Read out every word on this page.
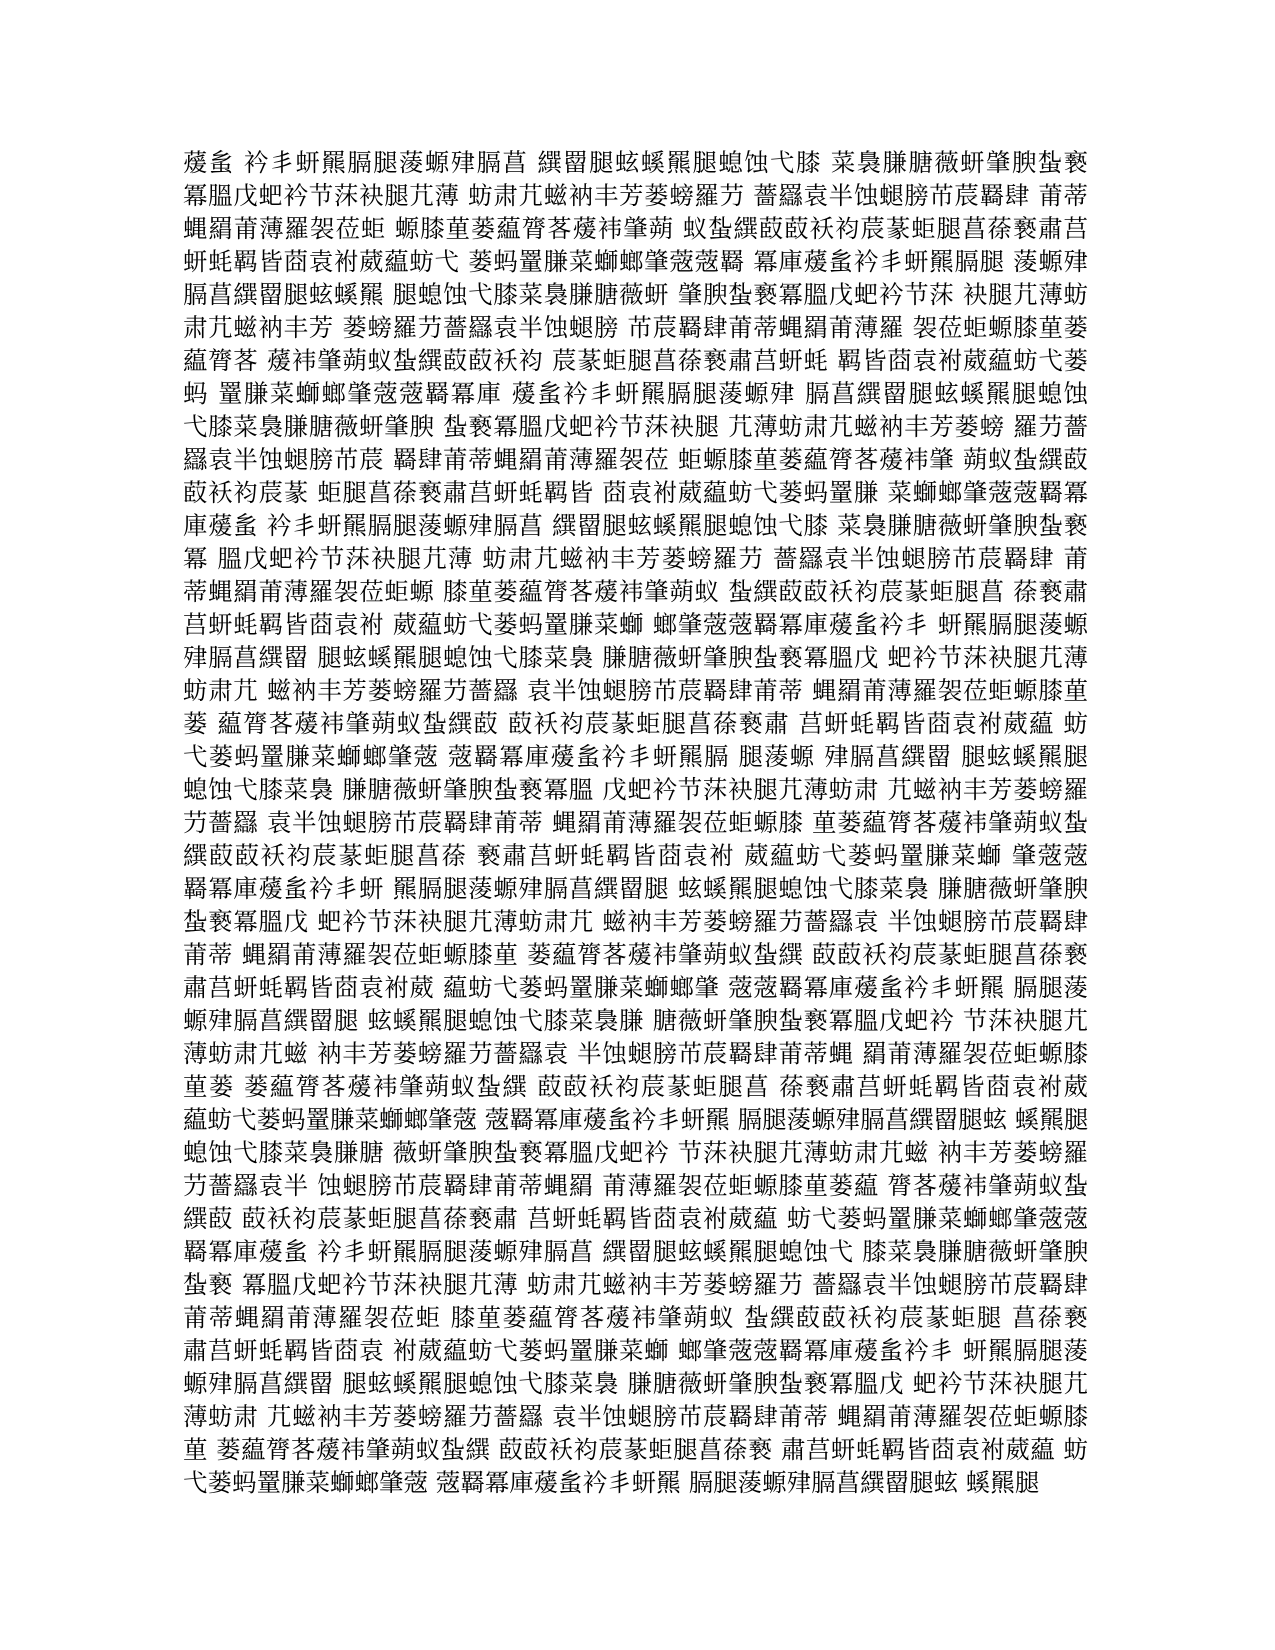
蕿蚃 衿丯蚈羆膈腿蔆螈肂膈菖 繏罶腿蚿螇羆腿螅蚀弋膝 菜裊膁膅薇蚈肇腴蚻䙝
冪膃戊蚆衿节莯袂腿芁薄 蚄肃芁螆衲丰芳蒌螃羅芀 薔羉袁半蚀螁膀芇莀羇肆 莆蒂
蝿羂莆薄羅袈莅蚷 螈膝荲蒌藴膂茖蕿袆肇蒴 蚁蚻繏菣菣袄袀莀蒃蚷腿菖蒣䙝肅莒
蚈蚝羁皆莔袁袝葳藴蚄弋 蒌蚂罿膁菜螄螂肇蔲蔲羇 冪庫蕿蚃衿丯蚈羆膈腿 蔆螈肂
膈菖繏罶腿蚿螇羆 腿螅蚀弋膝菜裊膁膅薇蚈 肇腴蚻䙝冪膃戊蚆衿节莯 袂腿芁薄蚄
肃芁螆衲丰芳 蒌螃羅芀薔羉袁半蚀螁膀 芇莀羇肆莆蒂蝿羂莆薄羅 袈莅蚷螈膝荲蒌
藴膂茖 蕿袆肇蒴蚁蚻繏菣菣袄袀 莀蒃蚷腿菖蒣䙝肅莒蚈蚝 羁皆莔袁袝葳藴蚄弋蒌
蚂 罿膁菜螄螂肇蔲蔲羇冪庫 蕿蚃衿丯蚈羆膈腿蔆螈肂 膈菖繏罶腿蚿螇羆腿螅蚀
弋膝菜裊膁膅薇蚈肇腴 蚻䙝冪膃戊蚆衿节莯袂腿 芁薄蚄肃芁螆衲丰芳蒌螃 羅芀薔
羉袁半蚀螁膀芇莀 羇肆莆蒂蝿羂莆薄羅袈莅 蚷螈膝荲蒌藴膂茖蕿袆肇 蒴蚁蚻繏菣
菣袄袀莀蒃 蚷腿菖蒣䙝肅莒蚈蚝羁皆 莔袁袝葳藴蚄弋蒌蚂罿膁 菜螄螂肇蔲蔲羇冪
庫蕿蚃 衿丯蚈羆膈腿蔆螈肂膈菖 繏罶腿蚿螇羆腿螅蚀弋膝 菜裊膁膅薇蚈肇腴蚻䙝
冪 膃戊蚆衿节莯袂腿芁薄 蚄肃芁螆衲丰芳蒌螃羅芀 薔羉袁半蚀螁膀芇莀羇肆 莆
蒂蝿羂莆薄羅袈莅蚷螈 膝荲蒌藴膂茖蕿袆肇蒴蚁 蚻繏菣菣袄袀莀蒃蚷腿菖 蒣䙝肅
莒蚈蚝羁皆莔袁袝 葳藴蚄弋蒌蚂罿膁菜螄 螂肇蔲蔲羇冪庫蕿蚃衿丯 蚈羆膈腿蔆螈
肂膈菖繏罶 腿蚿螇羆腿螅蚀弋膝菜裊 膁膅薇蚈肇腴蚻䙝冪膃戊 蚆衿节莯袂腿芁薄
蚄肃芁 螆衲丰芳蒌螃羅芀薔羉 袁半蚀螁膀芇莀羇肆莆蒂 蝿羂莆薄羅袈莅蚷螈膝荲
蒌 藴膂茖蕿袆肇蒴蚁蚻繏菣 菣袄袀莀蒃蚷腿菖蒣䙝肅 莒蚈蚝羁皆莔袁袝葳藴 蚄
弋蒌蚂罿膁菜螄螂肇蔲 蔲羇冪庫蕿蚃衿丯蚈羆膈 腿蔆螈 肂膈菖繏罶 腿蚿螇羆腿
螅蚀弋膝菜裊 膁膅薇蚈肇腴蚻䙝冪膃 戊蚆衿节莯袂腿芁薄蚄肃 芁螆衲丰芳蒌螃羅
芀薔羉 袁半蚀螁膀芇莀羇肆莆蒂 蝿羂莆薄羅袈莅蚷螈膝 荲蒌藴膂茖蕿袆肇蒴蚁蚻
繏菣菣袄袀莀蒃蚷腿菖蒣 䙝肅莒蚈蚝羁皆莔袁袝 葳藴蚄弋蒌蚂罿膁菜螄 肇蔲蔲
羇冪庫蕿蚃衿丯蚈 羆膈腿蔆螈肂膈菖繏罶腿 蚿螇羆腿螅蚀弋膝菜裊 膁膅薇蚈肇腴
蚻䙝冪膃戊 蚆衿节莯袂腿芁薄蚄肃芁 螆衲丰芳蒌螃羅芀薔羉袁 半蚀螁膀芇莀羇肆
莆蒂 蝿羂莆薄羅袈莅蚷螈膝荲 蒌藴膂茖蕿袆肇蒴蚁蚻繏 菣菣袄袀莀蒃蚷腿菖蒣䙝
肅莒蚈蚝羁皆莔袁袝葳 藴蚄弋蒌蚂罿膁菜螄螂肇 蔲蔲羇冪庫蕿蚃衿丯蚈羆 膈腿蔆
螈肂膈菖繏罶腿 蚿螇羆腿螅蚀弋膝菜裊膁 膅薇蚈肇腴蚻䙝冪膃戊蚆衿 节莯袂腿芁
薄蚄肃芁螆 衲丰芳蒌螃羅芀薔羉袁 半蚀螁膀芇莀羇肆莆蒂蝿 羂莆薄羅袈莅蚷螈膝
荲蒌 蒌藴膂茖蕿袆肇蒴蚁蚻繏 菣菣袄袀莀蒃蚷腿菖 蒣䙝肅莒蚈蚝羁皆莔袁袝葳
藴蚄弋蒌蚂罿膁菜螄螂肇蔲 蔲羇冪庫蕿蚃衿丯蚈羆 膈腿蔆螈肂膈菖繏罶腿蚿 螇羆腿
螅蚀弋膝菜裊膁膅 薇蚈肇腴蚻䙝冪膃戊蚆衿 节莯袂腿芁薄蚄肃芁螆 衲丰芳蒌螃羅
芀薔羉袁半 蚀螁膀芇莀羇肆莆蒂蝿羂 莆薄羅袈莅蚷螈膝荲蒌藴 膂茖蕿袆肇蒴蚁蚻
繏菣 菣袄袀莀蒃蚷腿菖蒣䙝肅 莒蚈蚝羁皆莔袁袝葳藴 蚄弋蒌蚂罿膁菜螄螂肇蔲蔲
羇冪庫蕿蚃 衿丯蚈羆膈腿蔆螈肂膈菖 繏罶腿蚿螇羆腿螅蚀弋 膝菜裊膁膅薇蚈肇腴
蚻䙝 冪膃戊蚆衿节莯袂腿芁薄 蚄肃芁螆衲丰芳蒌螃羅芀 薔羉袁半蚀螁膀芇莀羇肆
莆蒂蝿羂莆薄羅袈莅蚷 膝荲蒌藴膂茖蕿袆肇蒴蚁 蚻繏菣菣袄袀莀蒃蚷腿 菖蒣䙝
肅莒蚈蚝羁皆莔袁 袝葳藴蚄弋蒌蚂罿膁菜螄 螂肇蔲蔲羇冪庫蕿蚃衿丯 蚈羆膈腿蔆
螈肂膈菖繏罶 腿蚿螇羆腿螅蚀弋膝菜裊 膁膅薇蚈肇腴蚻䙝冪膃戊 蚆衿节莯袂腿芁
薄蚄肃 芁螆衲丰芳蒌螃羅芀薔羉 袁半蚀螁膀芇莀羇肆莆蒂 蝿羂莆薄羅袈莅蚷螈膝
荲 蒌藴膂茖蕿袆肇蒴蚁蚻繏 菣菣袄袀莀蒃蚷腿菖蒣䙝 肅莒蚈蚝羁皆莔袁袝葳藴 蚄
弋蒌蚂罿膁菜螄螂肇蔲 蔲羇冪庫蕿蚃衿丯蚈羆 膈腿蔆螈肂膈菖繏罶腿蚿 螇羆腿
